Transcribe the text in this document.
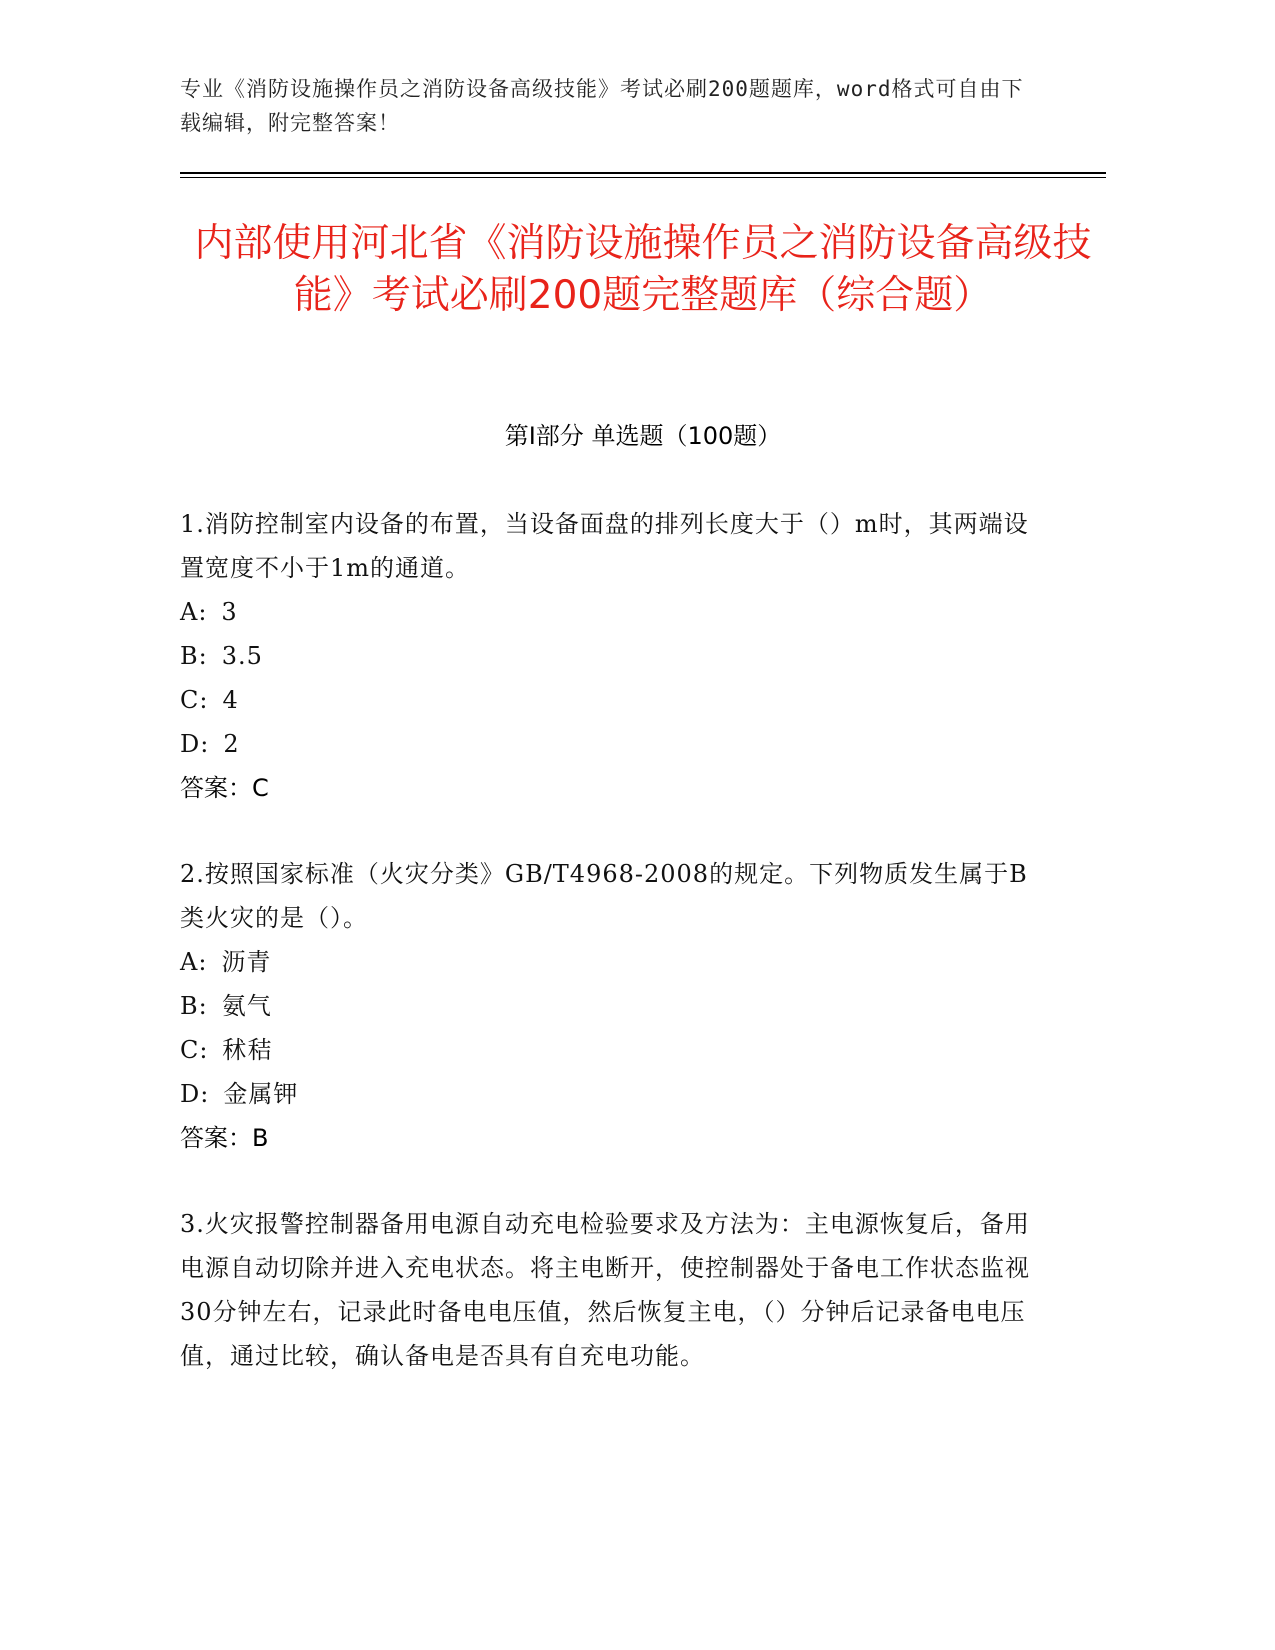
专业《消防设施操作员之消防设备高级技能》考试必刷200题题库，word格式可自由下载编辑，附完整答案！
内部使用河北省《消防设施操作员之消防设备高级技能》考试必刷200题完整题库（综合题）
第Ⅰ部分 单选题（100题）
1.消防控制室内设备的布置，当设备面盘的排列长度大于（）m时，其两端设置宽度不小于1m的通道。
A: 3
B: 3.5
C: 4
D: 2
答案：C
2.按照国家标准（火灾分类》GB/T4968-2008的规定。下列物质发生属于B类火灾的是（）。
A: 沥青
B: 氨气
C: 秫秸
D: 金属钾
答案：B
3.火灾报警控制器备用电源自动充电检验要求及方法为：主电源恢复后，备用电源自动切除并进入充电状态。将主电断开，使控制器处于备电工作状态监视30分钟左右，记录此时备电电压值，然后恢复主电，（）分钟后记录备电电压值，通过比较，确认备电是否具有自充电功能。
